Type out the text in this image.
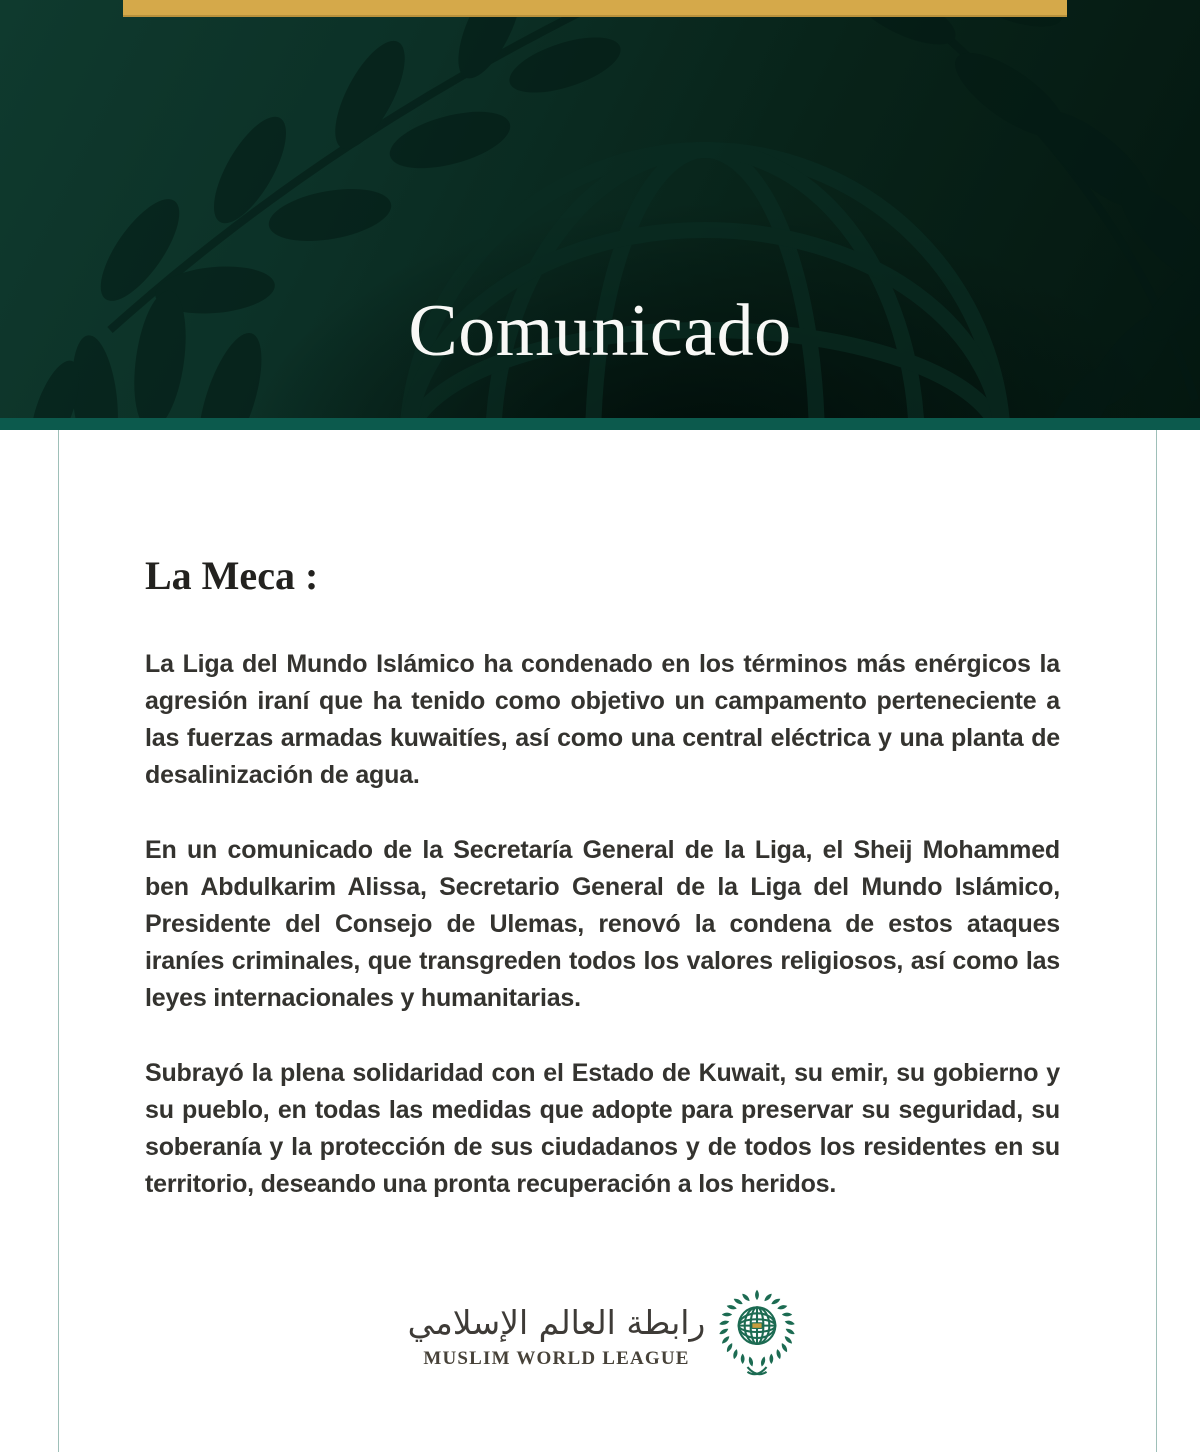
Comunicado
La Meca :

La Liga del Mundo Islámico ha condenado en los términos más enérgicos la agresión iraní que ha tenido como objetivo un campamento perteneciente a las fuerzas armadas kuwaitíes, así como una central eléctrica y una planta de desalinización de agua.

En un comunicado de la Secretaría General de la Liga, el Sheij Mohammed ben Abdulkarim Alissa, Secretario General de la Liga del Mundo Islámico, Presidente del Consejo de Ulemas, renovó la condena de estos ataques iraníes criminales, que transgreden todos los valores religiosos, así como las leyes internacionales y humanitarias.

Subrayó la plena solidaridad con el Estado de Kuwait, su emir, su gobierno y su pueblo, en todas las medidas que adopte para preservar su seguridad, su soberanía y la protección de sus ciudadanos y de todos los residentes en su territorio, deseando una pronta recuperación a los heridos.

رابطة العالم الإسلامي
MUSLIM WORLD LEAGUE
